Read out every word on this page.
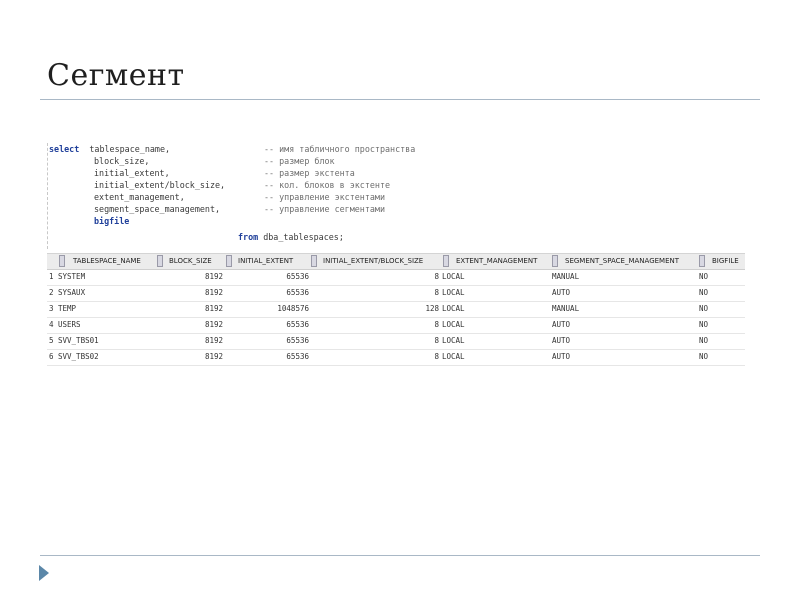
Сегмент
select tablespace_name,	-- имя табличного пространства
block_size,	-- размер блок
initial_extent,	-- размер экстента
initial_extent/block_size,	-- кол. блоков в экстенте
extent_management,	-- управление экстентами
segment_space_management,	-- управление сегментами
bigfile
from dba_tablespaces;
TABLESPACE_NAME	BLOCK_SIZE	INITIAL_EXTENT	INITIAL_EXTENT/BLOCK_SIZE	EXTENT_MANAGEMENT	SEGMENT_SPACE_MANAGEMENT	BIGFILE
1 SYSTEM	8192	65536	8 LOCAL	MANUAL	NO
2 SYSAUX	8192	65536	8 LOCAL	AUTO	NO
3 TEMP	8192	1048576	128 LOCAL	MANUAL	NO
4 USERS	8192	65536	8 LOCAL	AUTO	NO
5 SVV_TBS01	8192	65536	8 LOCAL	AUTO	NO
6 SVV_TBS02	8192	65536	8 LOCAL	AUTO	NO
